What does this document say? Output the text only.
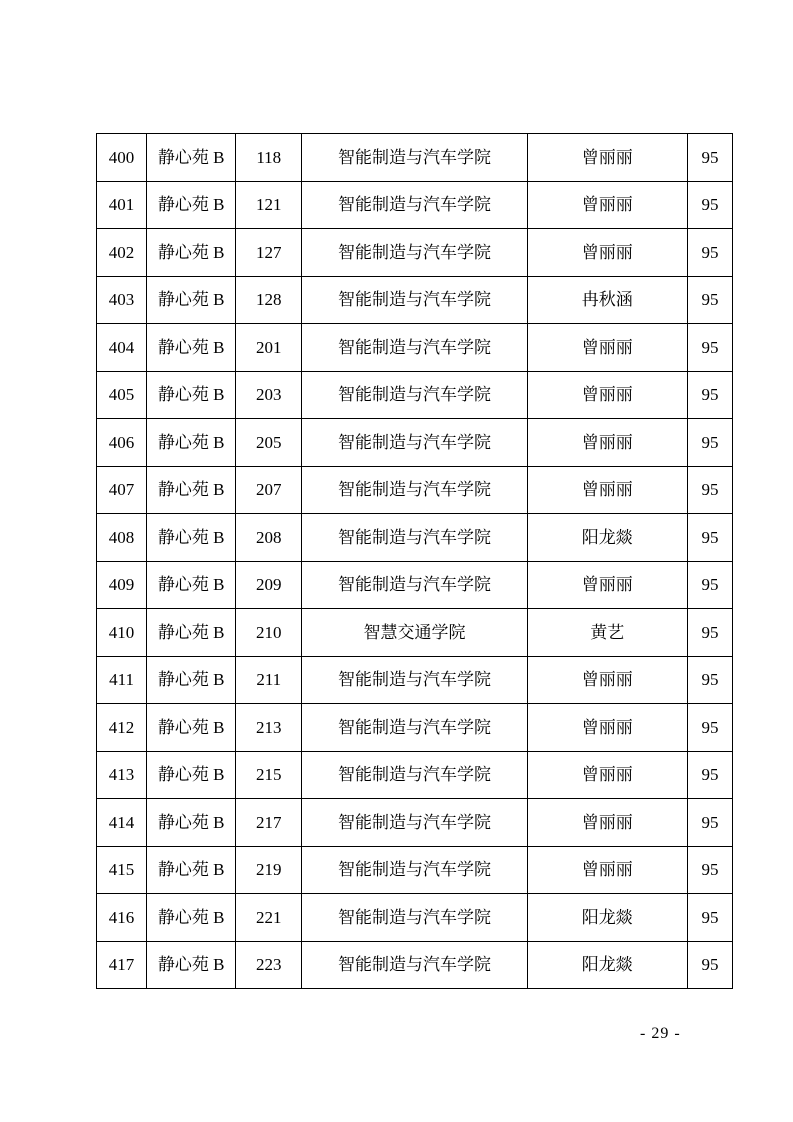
400	静心苑 B	118	智能制造与汽车学院	曾丽丽	95
401	静心苑 B	121	智能制造与汽车学院	曾丽丽	95
402	静心苑 B	127	智能制造与汽车学院	曾丽丽	95
403	静心苑 B	128	智能制造与汽车学院	冉秋涵	95
404	静心苑 B	201	智能制造与汽车学院	曾丽丽	95
405	静心苑 B	203	智能制造与汽车学院	曾丽丽	95
406	静心苑 B	205	智能制造与汽车学院	曾丽丽	95
407	静心苑 B	207	智能制造与汽车学院	曾丽丽	95
408	静心苑 B	208	智能制造与汽车学院	阳龙燚	95
409	静心苑 B	209	智能制造与汽车学院	曾丽丽	95
410	静心苑 B	210	智慧交通学院	黄艺	95
411	静心苑 B	211	智能制造与汽车学院	曾丽丽	95
412	静心苑 B	213	智能制造与汽车学院	曾丽丽	95
413	静心苑 B	215	智能制造与汽车学院	曾丽丽	95
414	静心苑 B	217	智能制造与汽车学院	曾丽丽	95
415	静心苑 B	219	智能制造与汽车学院	曾丽丽	95
416	静心苑 B	221	智能制造与汽车学院	阳龙燚	95
417	静心苑 B	223	智能制造与汽车学院	阳龙燚	95
- 29 -
